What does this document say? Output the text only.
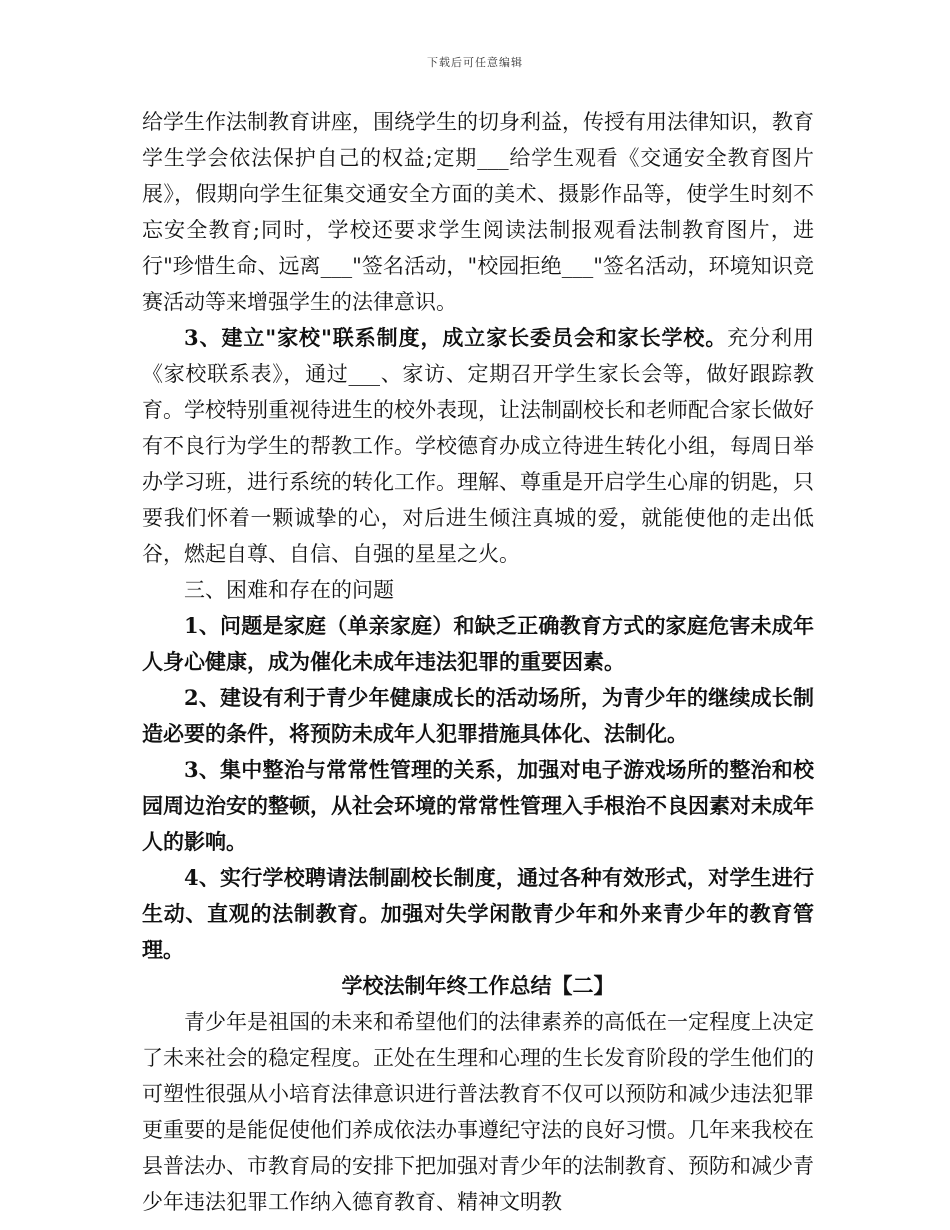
下载后可任意编辑

给学生作法制教育讲座，围绕学生的切身利益，传授有用法律知识，教育学生学会依法保护自己的权益;定期___给学生观看《交通安全教育图片展》，假期向学生征集交通安全方面的美术、摄影作品等，使学生时刻不忘安全教育;同时，学校还要求学生阅读法制报观看法制教育图片，进行"珍惜生命、远离___"签名活动，"校园拒绝___"签名活动，环境知识竞赛活动等来增强学生的法律意识。

3、建立"家校"联系制度，成立家长委员会和家长学校。充分利用《家校联系表》，通过___、家访、定期召开学生家长会等，做好跟踪教育。学校特别重视待进生的校外表现，让法制副校长和老师配合家长做好有不良行为学生的帮教工作。学校德育办成立待进生转化小组，每周日举办学习班，进行系统的转化工作。理解、尊重是开启学生心扉的钥匙，只要我们怀着一颗诚挚的心，对后进生倾注真城的爱，就能使他的走出低谷，燃起自尊、自信、自强的星星之火。

三、困难和存在的问题

1、问题是家庭（单亲家庭）和缺乏正确教育方式的家庭危害未成年人身心健康，成为催化未成年违法犯罪的重要因素。

2、建设有利于青少年健康成长的活动场所，为青少年的继续成长制造必要的条件，将预防未成年人犯罪措施具体化、法制化。

3、集中整治与常常性管理的关系，加强对电子游戏场所的整治和校园周边治安的整顿，从社会环境的常常性管理入手根治不良因素对未成年人的影响。

4、实行学校聘请法制副校长制度，通过各种有效形式，对学生进行生动、直观的法制教育。加强对失学闲散青少年和外来青少年的教育管理。

学校法制年终工作总结【二】

青少年是祖国的未来和希望他们的法律素养的高低在一定程度上决定了未来社会的稳定程度。正处在生理和心理的生长发育阶段的学生他们的可塑性很强从小培育法律意识进行普法教育不仅可以预防和减少违法犯罪更重要的是能促使他们养成依法办事遵纪守法的良好习惯。几年来我校在县普法办、市教育局的安排下把加强对青少年的法制教育、预防和减少青少年违法犯罪工作纳入德育教育、精神文明教
